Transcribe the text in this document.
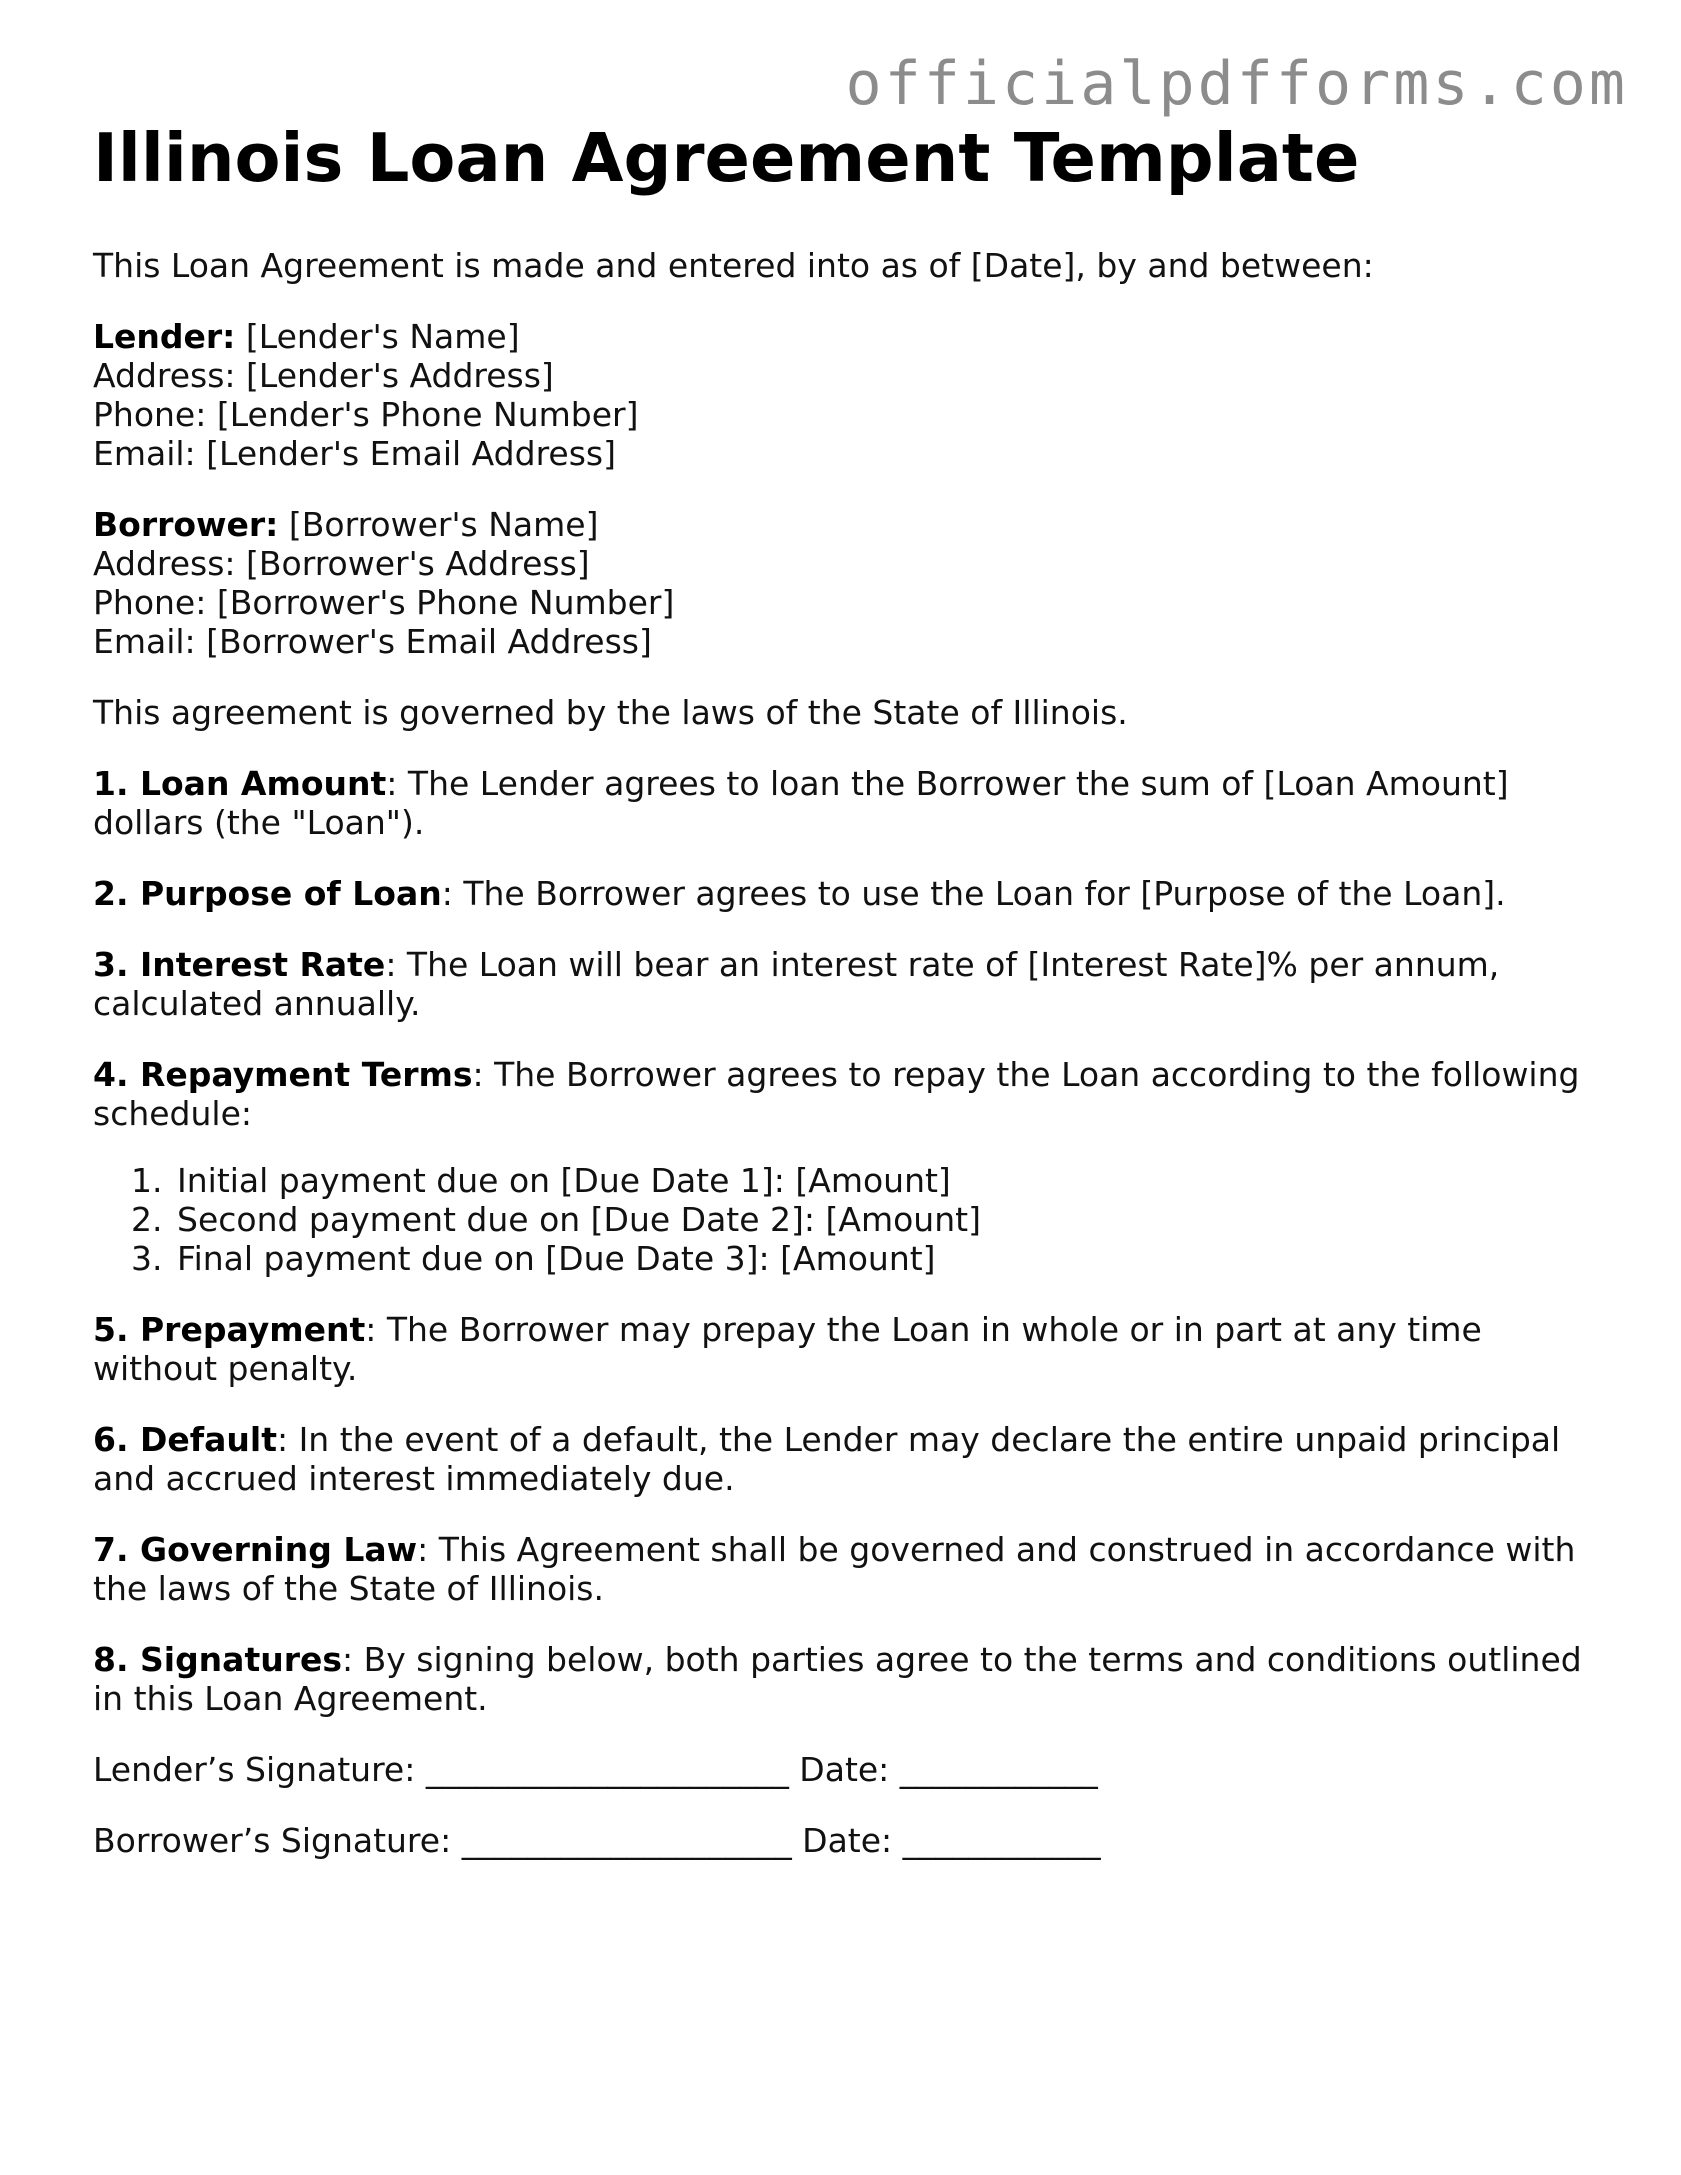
officialpdfforms.com
Illinois Loan Agreement Template

This Loan Agreement is made and entered into as of [Date], by and between:

Lender: [Lender's Name]
Address: [Lender's Address]
Phone: [Lender's Phone Number]
Email: [Lender's Email Address]
Borrower: [Borrower's Name]
Address: [Borrower's Address]
Phone: [Borrower's Phone Number]
Email: [Borrower's Email Address]

This agreement is governed by the laws of the State of Illinois.

1. Loan Amount: The Lender agrees to loan the Borrower the sum of [Loan Amount] dollars (the "Loan").

2. Purpose of Loan: The Borrower agrees to use the Loan for [Purpose of the Loan].

3. Interest Rate: The Loan will bear an interest rate of [Interest Rate]% per annum, calculated annually.

4. Repayment Terms: The Borrower agrees to repay the Loan according to the following schedule:

1. Initial payment due on [Due Date 1]: [Amount]
2. Second payment due on [Due Date 2]: [Amount]
3. Final payment due on [Due Date 3]: [Amount]

5. Prepayment: The Borrower may prepay the Loan in whole or in part at any time without penalty.

6. Default: In the event of a default, the Lender may declare the entire unpaid principal and accrued interest immediately due.

7. Governing Law: This Agreement shall be governed and construed in accordance with the laws of the State of Illinois.

8. Signatures: By signing below, both parties agree to the terms and conditions outlined in this Loan Agreement.

Lender’s Signature: ______________________ Date: ____________
Borrower’s Signature: ____________________ Date: ____________
